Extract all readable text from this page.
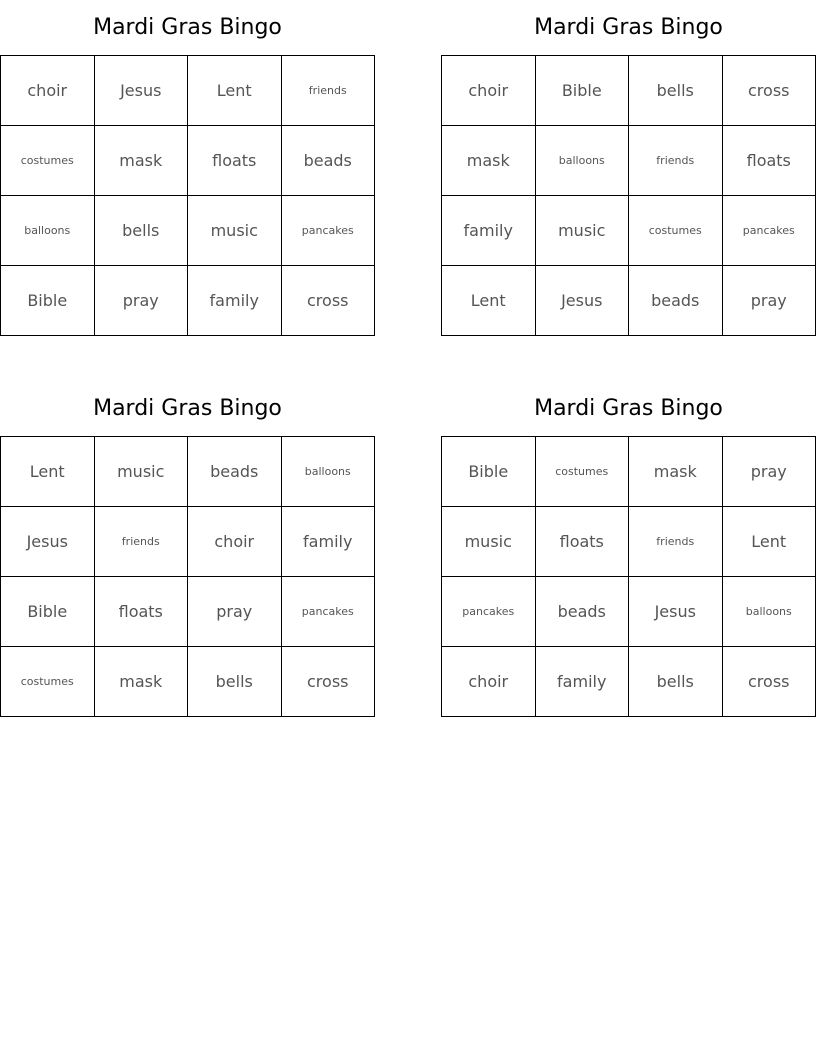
Mardi Gras Bingo
choir	Jesus	Lent	friends
costumes	mask	floats	beads
balloons	bells	music	pancakes
Bible	pray	family	cross
Mardi Gras Bingo
choir	Bible	bells	cross
mask	balloons	friends	floats
family	music	costumes	pancakes
Lent	Jesus	beads	pray
Mardi Gras Bingo
Lent	music	beads	balloons
Jesus	friends	choir	family
Bible	floats	pray	pancakes
costumes	mask	bells	cross
Mardi Gras Bingo
Bible	costumes	mask	pray
music	floats	friends	Lent
pancakes	beads	Jesus	balloons
choir	family	bells	cross
